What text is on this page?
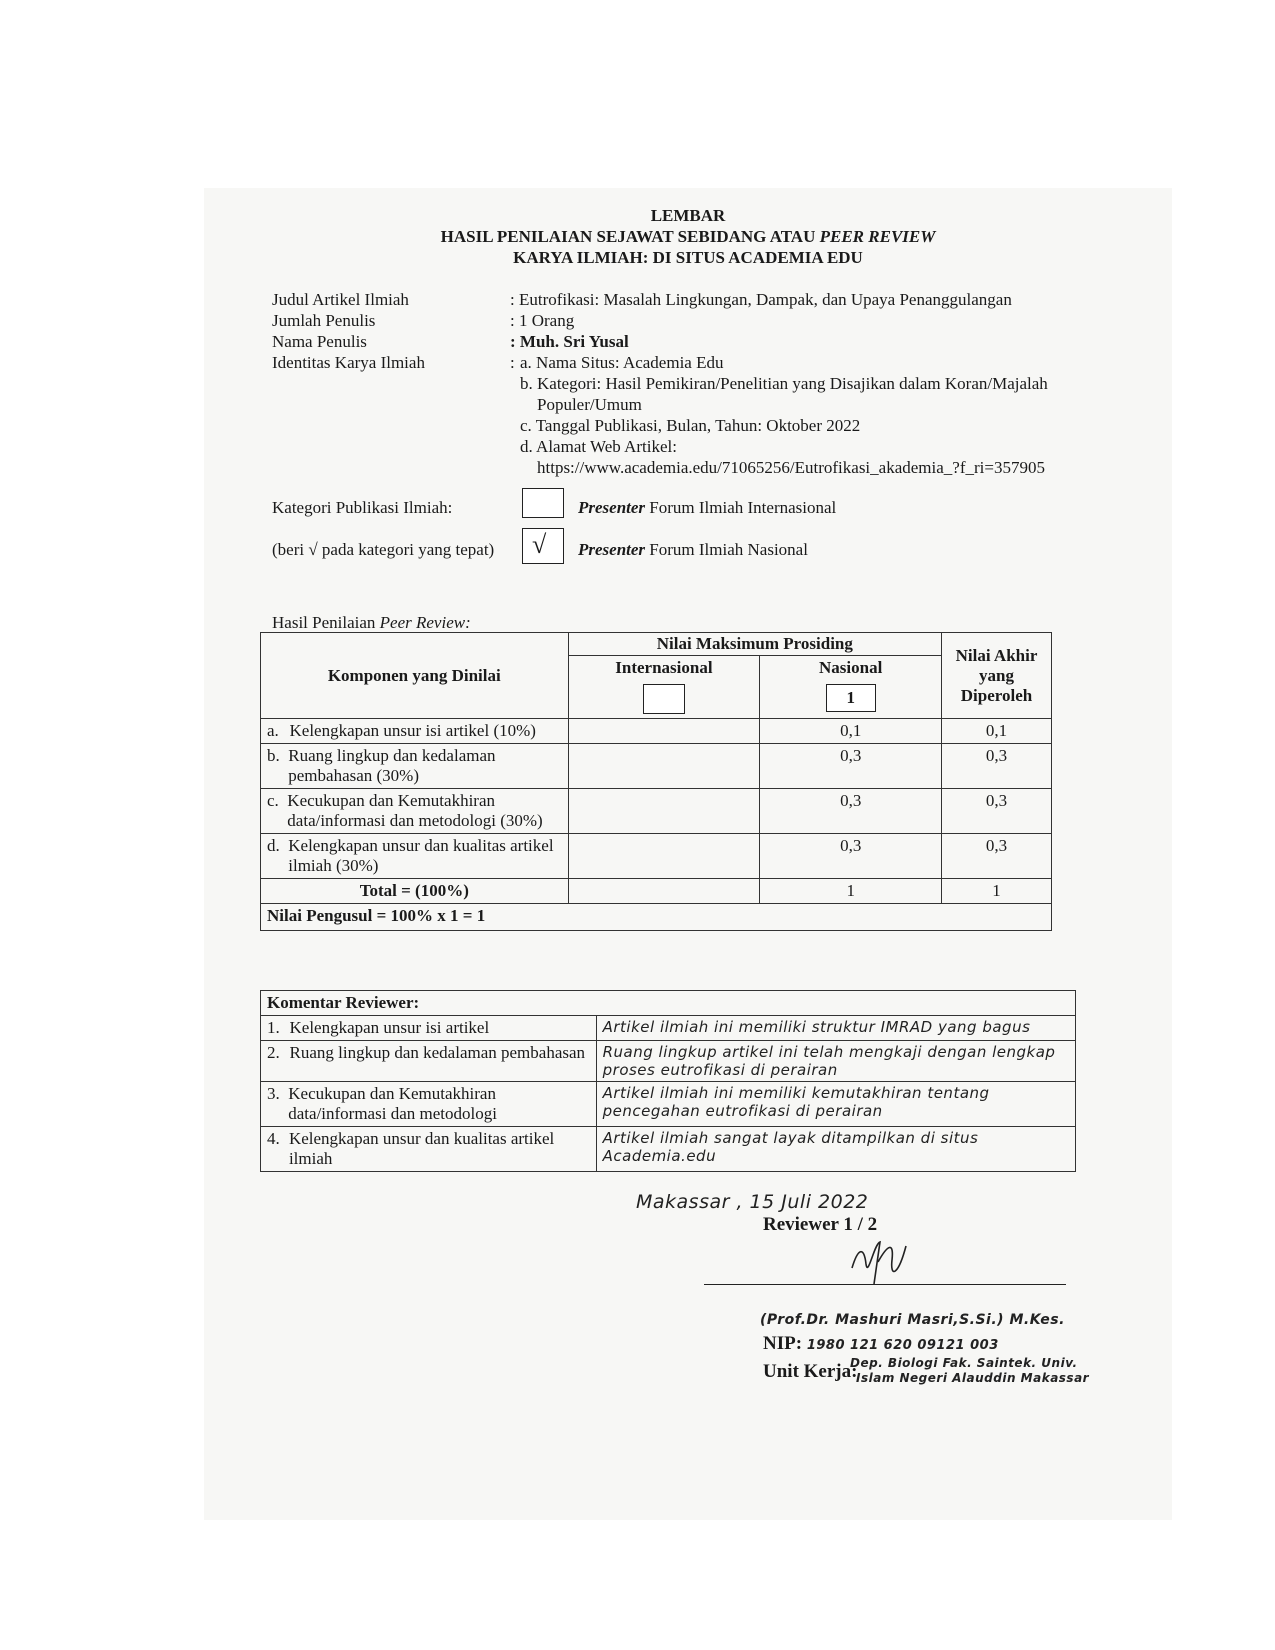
LEMBAR
HASIL PENILAIAN SEJAWAT SEBIDANG ATAU PEER REVIEW
KARYA ILMIAH: DI SITUS ACADEMIA EDU
Judul Artikel Ilmiah	: Eutrofikasi: Masalah Lingkungan, Dampak, dan Upaya Penanggulangan
Jumlah Penulis	: 1 Orang
Nama Penulis	: Muh. Sri Yusal
Identitas Karya Ilmiah	: a. Nama Situs: Academia Edu
b. Kategori: Hasil Pemikiran/Penelitian yang Disajikan dalam Koran/Majalah
Populer/Umum
c. Tanggal Publikasi, Bulan, Tahun: Oktober 2022
d. Alamat Web Artikel:
https://www.academia.edu/71065256/Eutrofikasi_akademia_?f_ri=357905
Kategori Publikasi Ilmiah:
(beri √ pada kategori yang tepat) √
Presenter Forum Ilmiah Internasional
Presenter Forum Ilmiah Nasional
Hasil Penilaian Peer Review:
Komponen yang Dinilai	Nilai Maksimum Prosiding		Nilai Akhir
yang
Diperoleh

	Internasional	Nasional
1	

a.
Kelengkapan unsur isi artikel (10%)		0,1	0,1

b.
Ruang lingkup dan kedalaman pembahasan (30%)		0,3	0,3

c.
Kecukupan dan Kemutakhiran data/informasi dan metodologi (30%)		0,3	0,3

d.
Kelengkapan unsur dan kualitas artikel ilmiah (30%)		0,3	0,3
Total = (100%)		1	1
Nilai Pengusul = 100% x 1 = 1			
Komentar Reviewer:	

1.
Kelengkapan unsur isi artikel	Artikel ilmiah ini memiliki struktur IMRAD yang bagus

2.
Ruang lingkup dan kedalaman pembahasan	Ruang lingkup artikel ini telah mengkaji dengan lengkap proses eutrofikasi di perairan

3.
Kecukupan dan Kemutakhiran data/informasi dan metodologi	Artikel ilmiah ini memiliki kemutakhiran tentang pencegahan eutrofikasi di perairan

4.
Kelengkapan unsur dan kualitas artikel ilmiah	Artikel ilmiah sangat layak ditampilkan di situs Academia.edu
Makassar , 15 Juli 2022
Reviewer 1 / 2
(Prof.Dr. Mashuri Masri,S.Si.) M.Kes.
NIP: 1980 121 620 09121 003
Unit Kerja:
Dep. Biologi Fak. Saintek. Univ.
Islam Negeri Alauddin Makassar
